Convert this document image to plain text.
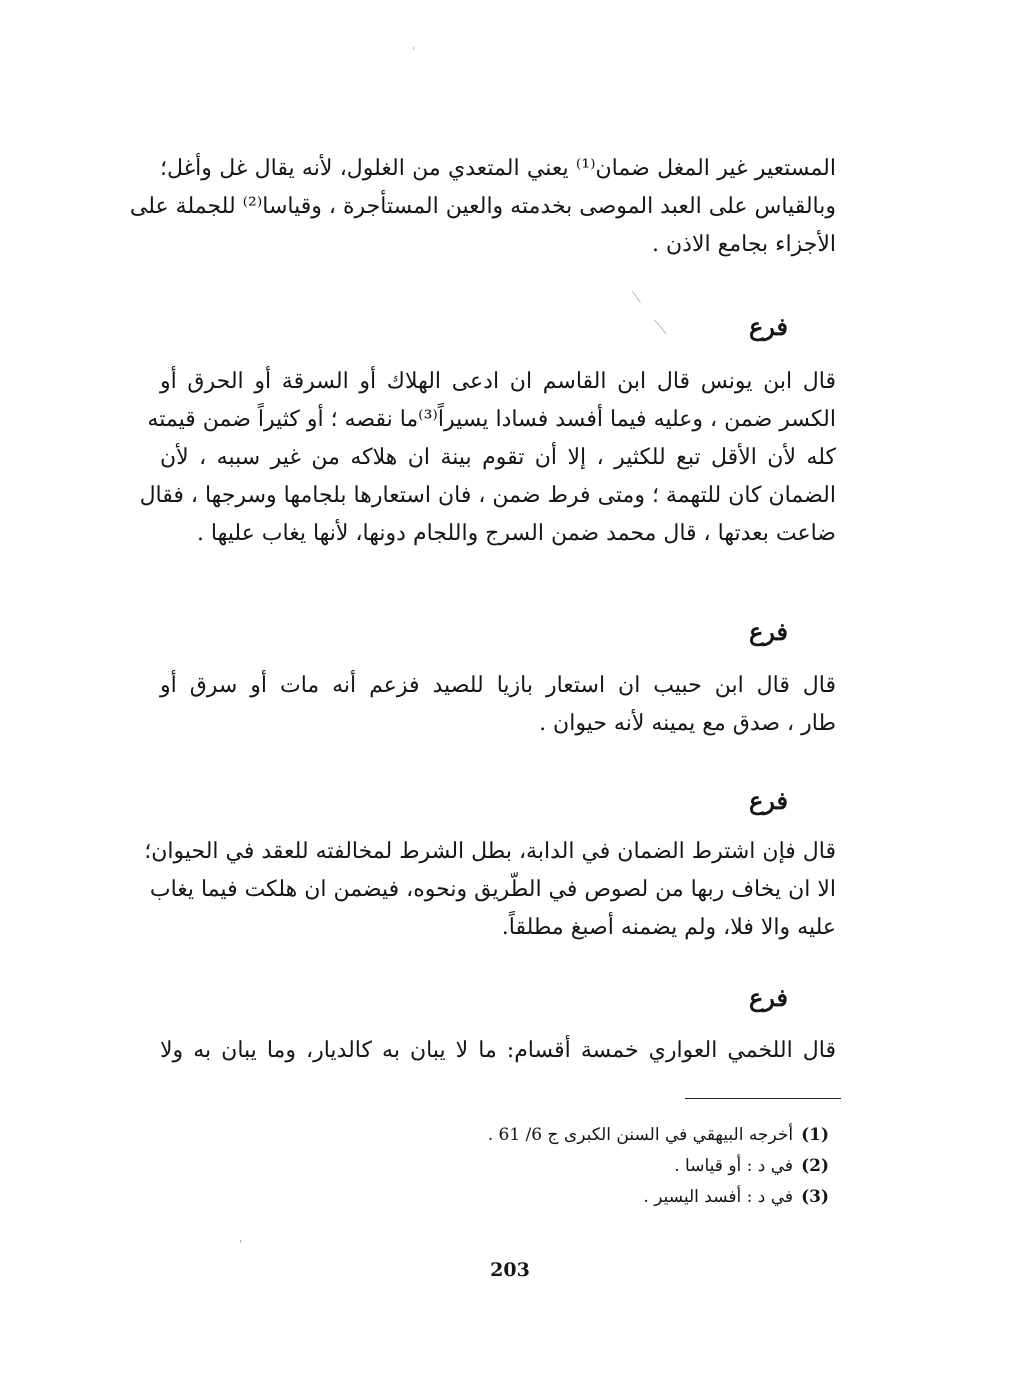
المستعير غير المغل ضمان⁽¹⁾ يعني المتعدي من الغلول، لأنه يقال غل وأغل؛
وبالقياس على العبد الموصى بخدمته والعين المستأجرة ، وقياسا⁽²⁾ للجملة على
الأجزاء بجامع الاذن .
فرع
قال ابن يونس قال ابن القاسم ان ادعى الهلاك أو السرقة أو الحرق أو
الكسر ضمن ، وعليه فيما أفسد فسادا يسيراً⁽³⁾ما نقصه ؛ أو كثيراً ضمن قيمته
كله لأن الأقل تبع للكثير ، إلا أن تقوم بينة ان هلاكه من غير سببه ، لأن
الضمان كان للتهمة ؛ ومتى فرط ضمن ، فان استعارها بلجامها وسرجها ، فقال
ضاعت بعدتها ، قال محمد ضمن السرج واللجام دونها، لأنها يغاب عليها .
فرع
قال قال ابن حبيب ان استعار بازيا للصيد فزعم أنه مات أو سرق أو
طار ، صدق مع يمينه لأنه حيوان .
فرع
قال فإن اشترط الضمان في الدابة، بطل الشرط لمخالفته للعقد في الحيوان؛
الا ان يخاف ربها من لصوص في الطّريق ونحوه، فيضمن ان هلكت فيما يغاب
عليه والا فلا، ولم يضمنه أصبغ مطلقاً.
فرع
قال اللخمي العواري خمسة أقسام: ما لا يبان به كالديار، وما يبان به ولا
(1)أخرجه البيهقي في السنن الكبرى ج 6/ 61 .
(2)في د : أو قياسا .
(3)في د : أفسد اليسير .
203
